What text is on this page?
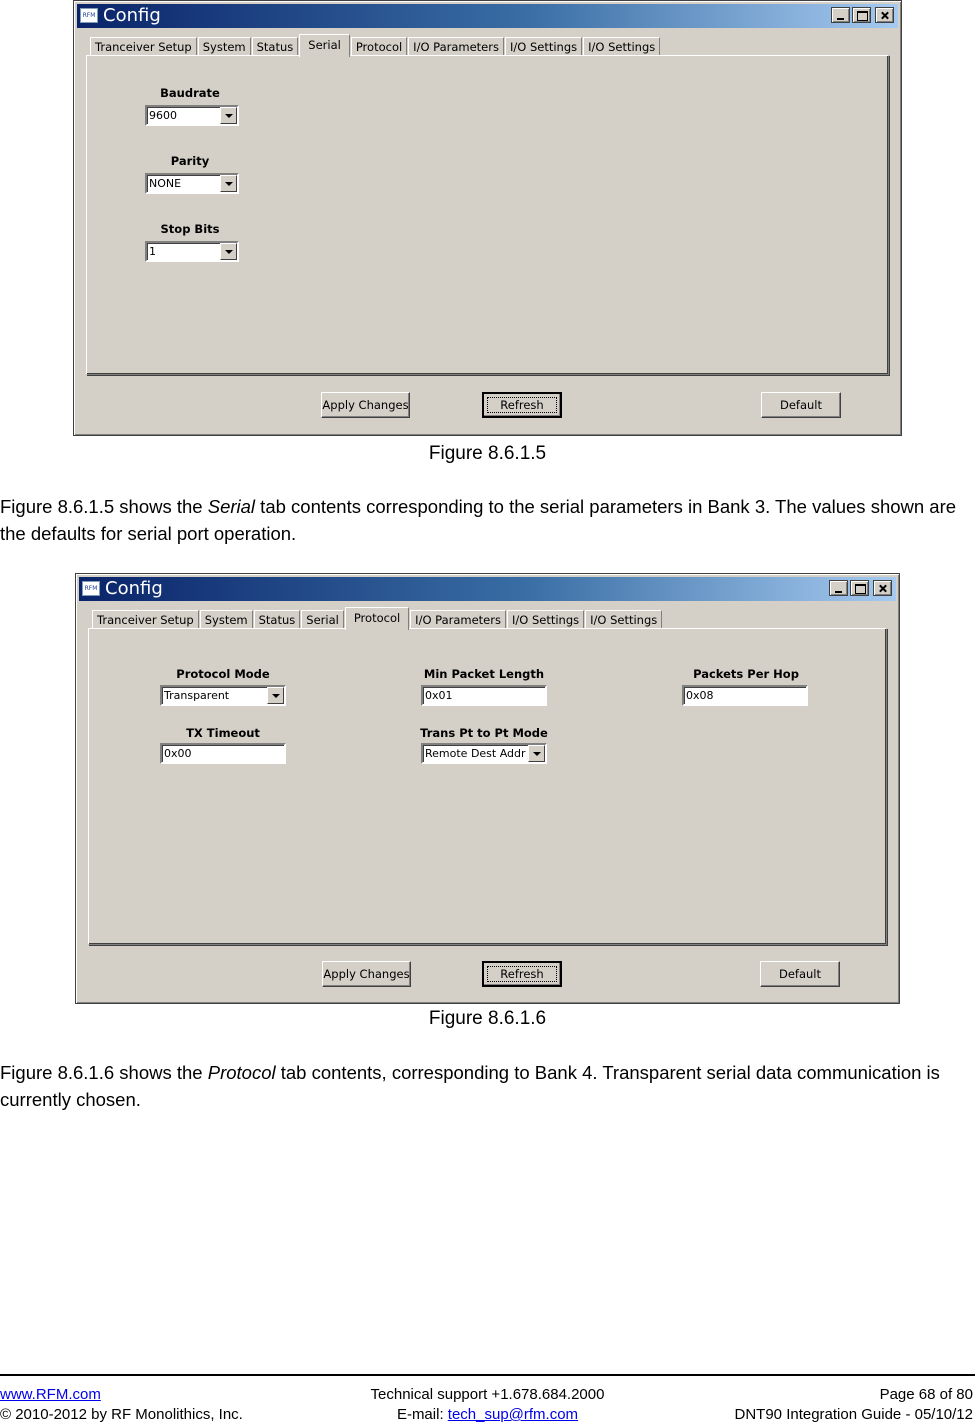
RFM Config
Tranceiver Setup System Status	Serial	Protocol I/O Parameters I/O Settings I/O Settings
Baudrate
9600
Parity
NONE
Stop Bits
1
Apply Changes	Refresh	Default
Figure 8.6.1.5
Figure 8.6.1.5 shows the Serial tab contents corresponding to the serial parameters in Bank 3. The values shown are the defaults for serial port operation.
RFM Config
Tranceiver Setup System Status Serial	Protocol	I/O Parameters I/O Settings I/O Settings
Protocol Mode
Transparent
Min Packet Length
0x01
Packets Per Hop
0x08
TX Timeout
0x00
Trans Pt to Pt Mode
Remote Dest Addr
Apply Changes	Refresh	Default
Figure 8.6.1.6
Figure 8.6.1.6 shows the Protocol tab contents, corresponding to Bank 4. Transparent serial data communication is currently chosen.
www.RFM.com
© 2010-2012 by RF Monolithics, Inc.
Technical support +1.678.684.2000
E-mail: tech_sup@rfm.com
Page 68 of 80
DNT90 Integration Guide - 05/10/12
